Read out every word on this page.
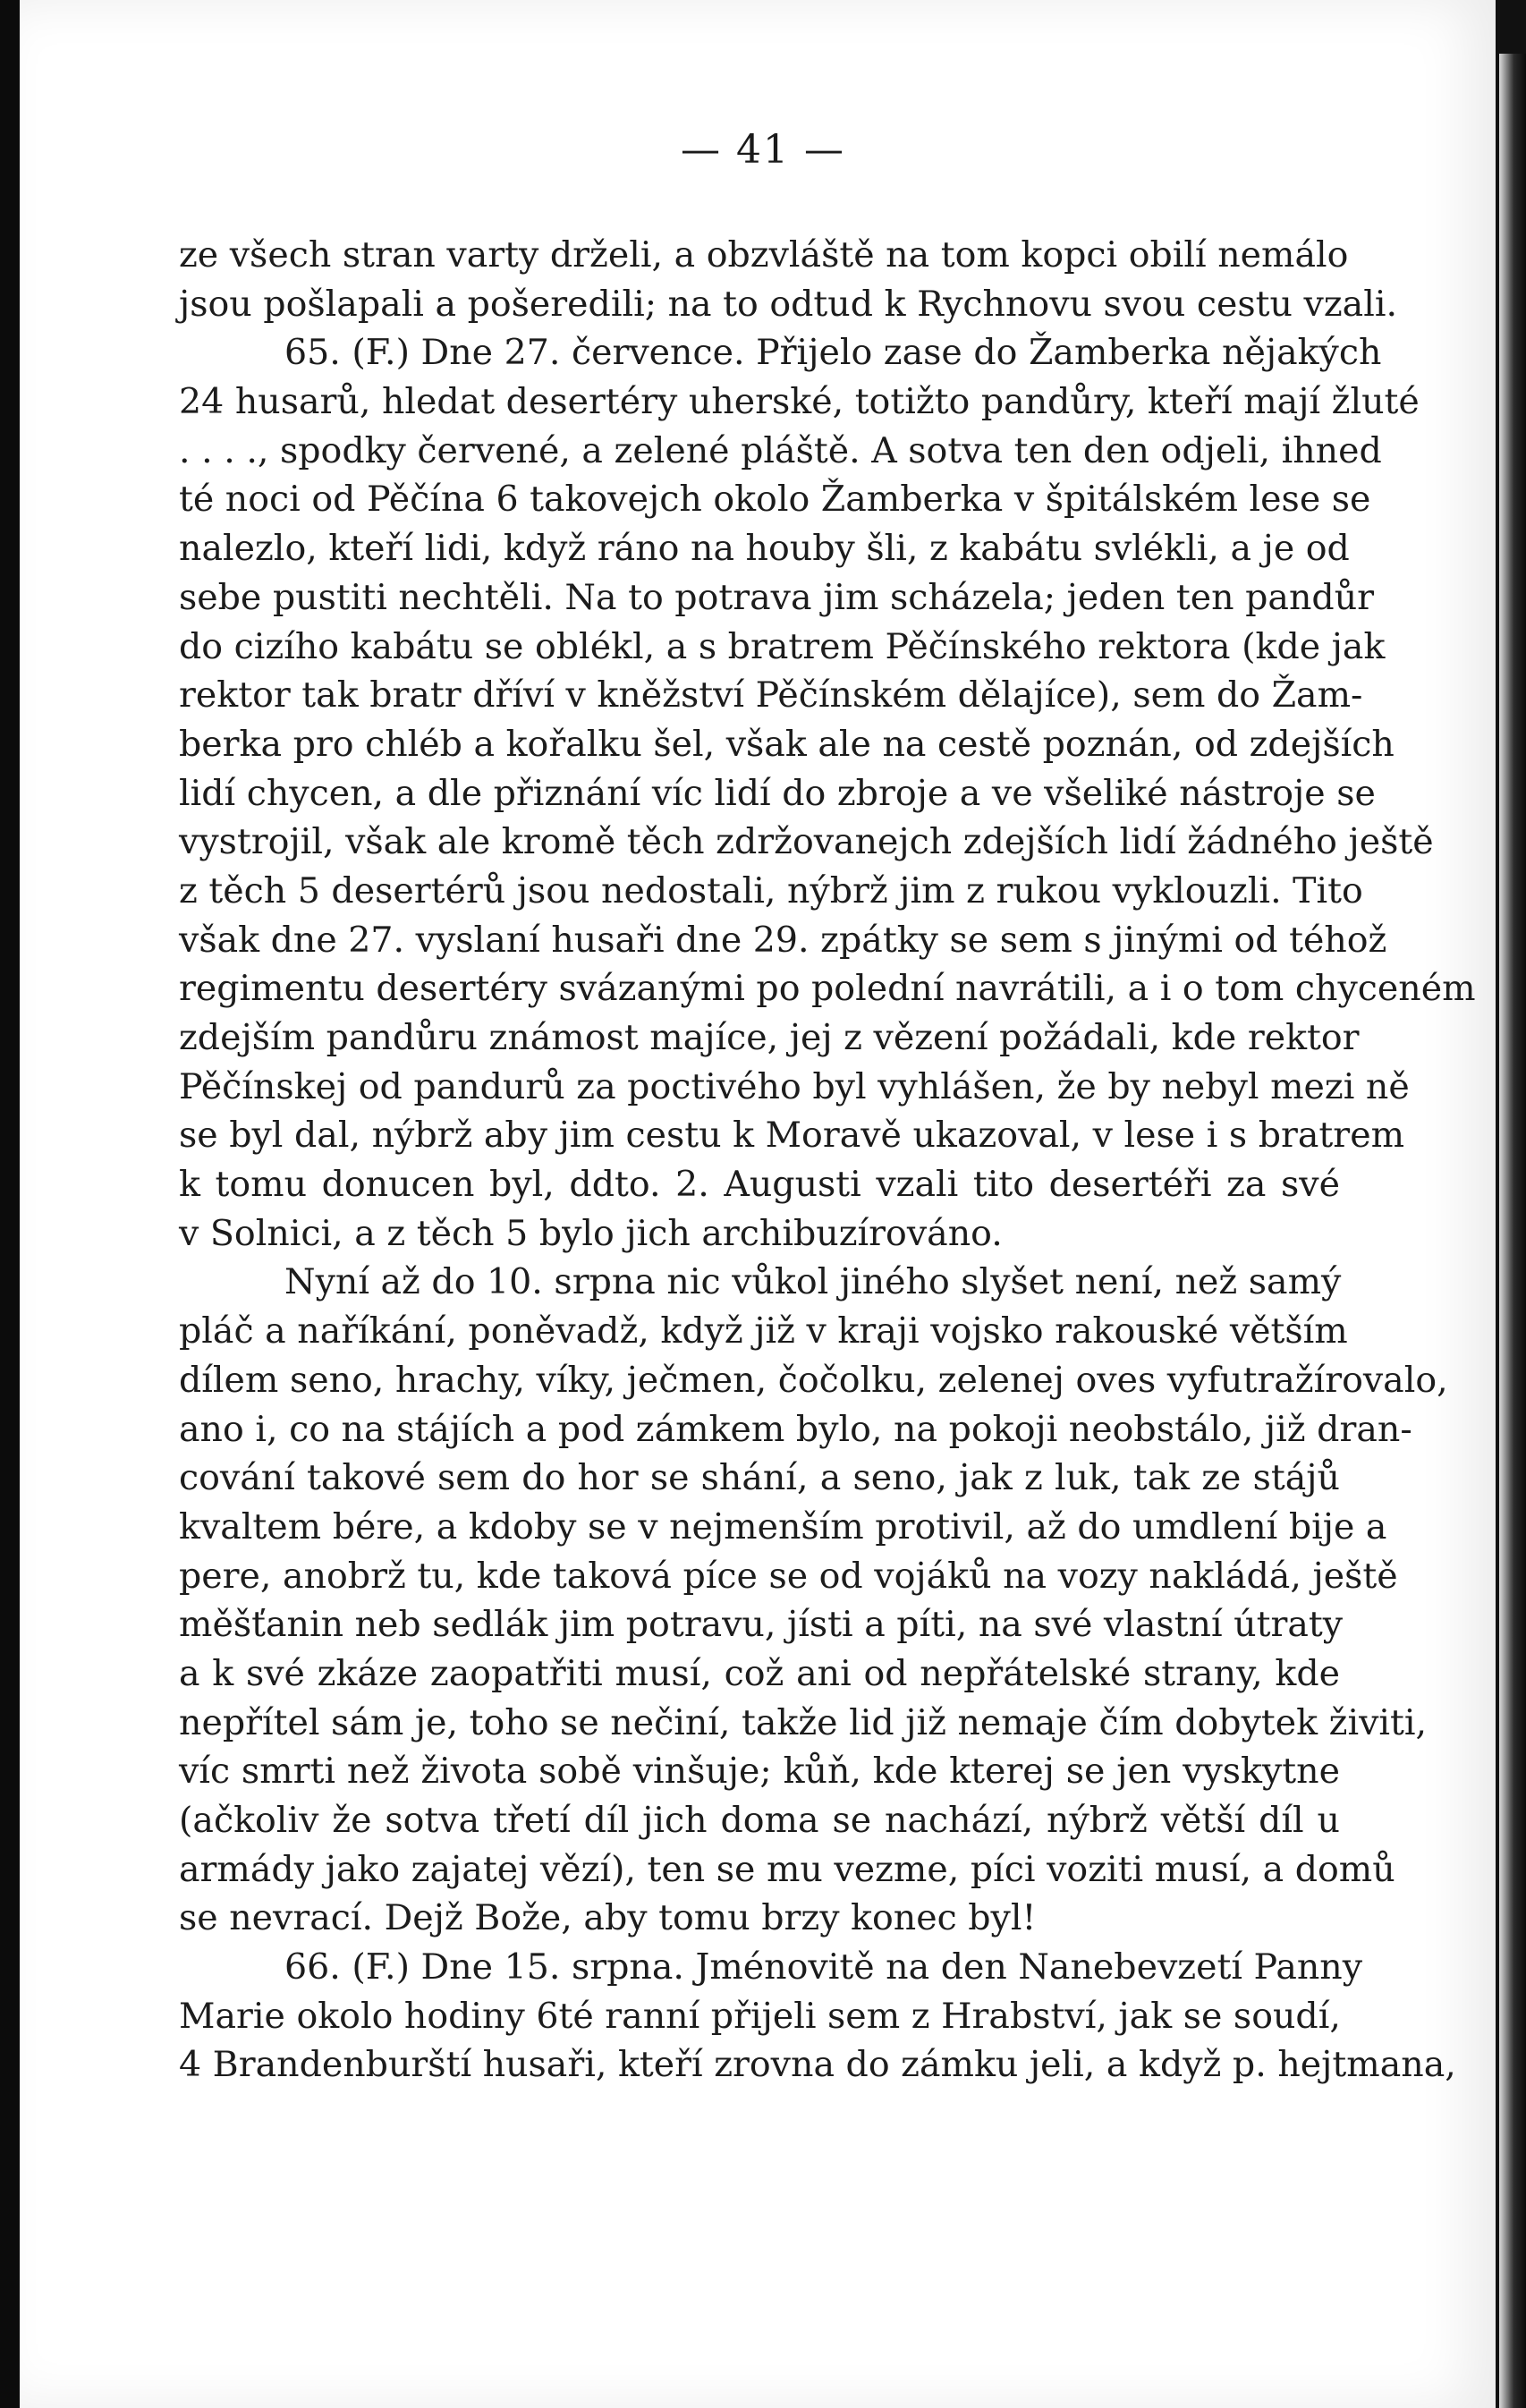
— 41 —
ze všech stran varty drželi, a obzvláště na tom kopci obilí nemálo
jsou pošlapali a pošeredili; na to odtud k Rychnovu svou cestu vzali.
65. (F.) Dne 27. července. Přijelo zase do Žamberka nějakých
24 husarů, hledat desertéry uherské, totižto pandůry, kteří mají žluté
. . . ., spodky červené, a zelené pláště. A sotva ten den odjeli, ihned
té noci od Pěčína 6 takovejch okolo Žamberka v špitálském lese se
nalezlo, kteří lidi, když ráno na houby šli, z kabátu svlékli, a je od
sebe pustiti nechtěli. Na to potrava jim scházela; jeden ten pandůr
do cizího kabátu se oblékl, a s bratrem Pěčínského rektora (kde jak
rektor tak bratr dříví v kněžství Pěčínském dělajíce), sem do Žam-
berka pro chléb a kořalku šel, však ale na cestě poznán, od zdejších
lidí chycen, a dle přiznání víc lidí do zbroje a ve všeliké nástroje se
vystrojil, však ale kromě těch zdržovanejch zdejších lidí žádného ještě
z těch 5 desertérů jsou nedostali, nýbrž jim z rukou vyklouzli. Tito
však dne 27. vyslaní husaři dne 29. zpátky se sem s jinými od téhož
regimentu desertéry svázanými po polední navrátili, a i o tom chyceném
zdejším pandůru známost majíce, jej z vězení požádali, kde rektor
Pěčínskej od pandurů za poctivého byl vyhlášen, že by nebyl mezi ně
se byl dal, nýbrž aby jim cestu k Moravě ukazoval, v lese i s bratrem
k tomu donucen byl, ddto. 2. Augusti vzali tito desertéři za své
v Solnici, a z těch 5 bylo jich archibuzírováno.
Nyní až do 10. srpna nic vůkol jiného slyšet není, než samý
pláč a naříkání, poněvadž, když již v kraji vojsko rakouské větším
dílem seno, hrachy, víky, ječmen, čočolku, zelenej oves vyfutražírovalo,
ano i, co na stájích a pod zámkem bylo, na pokoji neobstálo, již dran-
cování takové sem do hor se shání, a seno, jak z luk, tak ze stájů
kvaltem bére, a kdoby se v nejmenším protivil, až do umdlení bije a
pere, anobrž tu, kde taková píce se od vojáků na vozy nakládá, ještě
měšťanin neb sedlák jim potravu, jísti a píti, na své vlastní útraty
a k své zkáze zaopatřiti musí, což ani od nepřátelské strany, kde
nepřítel sám je, toho se nečiní, takže lid již nemaje čím dobytek živiti,
víc smrti než života sobě vinšuje; kůň, kde kterej se jen vyskytne
(ačkoliv že sotva třetí díl jich doma se nachází, nýbrž větší díl u
armády jako zajatej vězí), ten se mu vezme, píci voziti musí, a domů
se nevrací. Dejž Bože, aby tomu brzy konec byl!
66. (F.) Dne 15. srpna. Jménovitě na den Nanebevzetí Panny
Marie okolo hodiny 6té ranní přijeli sem z Hrabství, jak se soudí,
4 Brandenburští husaři, kteří zrovna do zámku jeli, a když p. hejtmana,
